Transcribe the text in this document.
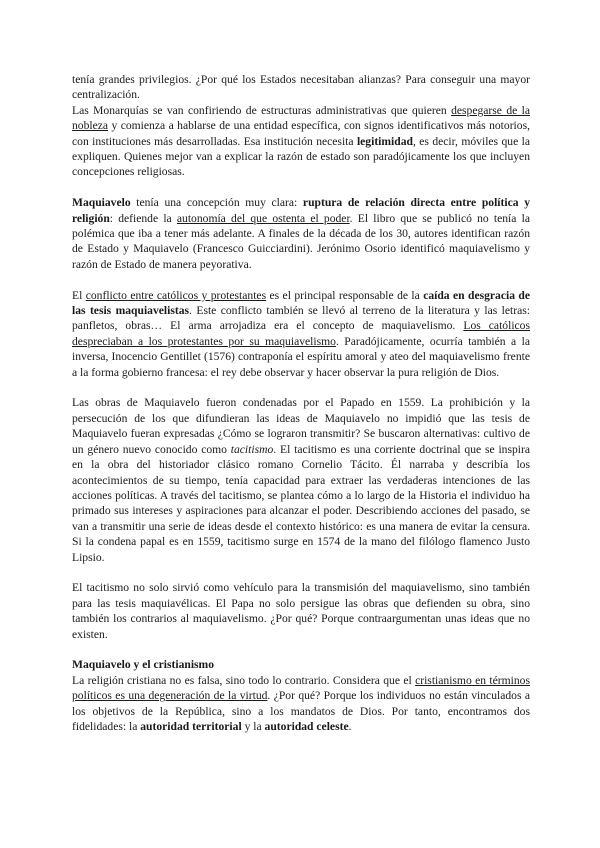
tenía grandes privilegios. ¿Por qué los Estados necesitaban alianzas? Para conseguir una mayor centralización.

Las Monarquías se van confiriendo de estructuras administrativas que quieren despegarse de la nobleza y comienza a hablarse de una entidad específica, con signos identificativos más notorios, con instituciones más desarrolladas. Esa institución necesita legitimidad, es decir, móviles que la expliquen. Quienes mejor van a explicar la razón de estado son paradójicamente los que incluyen concepciones religiosas.

Maquiavelo tenía una concepción muy clara: ruptura de relación directa entre política y religión: defiende la autonomía del que ostenta el poder. El libro que se publicó no tenía la polémica que iba a tener más adelante. A finales de la década de los 30, autores identifican razón de Estado y Maquiavelo (Francesco Guicciardini). Jerónimo Osorio identificó maquiavelismo y razón de Estado de manera peyorativa.

El conflicto entre católicos y protestantes es el principal responsable de la caída en desgracia de las tesis maquiavelistas. Este conflicto también se llevó al terreno de la literatura y las letras: panfletos, obras… El arma arrojadiza era el concepto de maquiavelismo. Los católicos despreciaban a los protestantes por su maquiavelismo. Paradójicamente, ocurría también a la inversa, Inocencio Gentillet (1576) contraponía el espíritu amoral y ateo del maquiavelismo frente a la forma gobierno francesa: el rey debe observar y hacer observar la pura religión de Dios.

Las obras de Maquiavelo fueron condenadas por el Papado en 1559. La prohibición y la persecución de los que difundieran las ideas de Maquiavelo no impidió que las tesis de Maquiavelo fueran expresadas ¿Cómo se lograron transmitir? Se buscaron alternativas: cultivo de un género nuevo conocido como tacitismo. El tacitismo es una corriente doctrinal que se inspira en la obra del historiador clásico romano Cornelio Tácito. Él narraba y describía los acontecimientos de su tiempo, tenía capacidad para extraer las verdaderas intenciones de las acciones políticas. A través del tacitismo, se plantea cómo a lo largo de la Historia el individuo ha primado sus intereses y aspiraciones para alcanzar el poder. Describiendo acciones del pasado, se van a transmitir una serie de ideas desde el contexto histórico: es una manera de evitar la censura. Si la condena papal es en 1559, tacitismo surge en 1574 de la mano del filólogo flamenco Justo Lipsio.

El tacitismo no solo sirvió como vehículo para la transmisión del maquiavelismo, sino también para las tesis maquiavélicas. El Papa no solo persigue las obras que defienden su obra, sino también los contrarios al maquiavelismo. ¿Por qué? Porque contraargumentan unas ideas que no existen.

Maquiavelo y el cristianismo

La religión cristiana no es falsa, sino todo lo contrario. Considera que el cristianismo en términos políticos es una degeneración de la virtud. ¿Por qué? Porque los individuos no están vinculados a los objetivos de la República, sino a los mandatos de Dios. Por tanto, encontramos dos fidelidades: la autoridad territorial y la autoridad celeste.
